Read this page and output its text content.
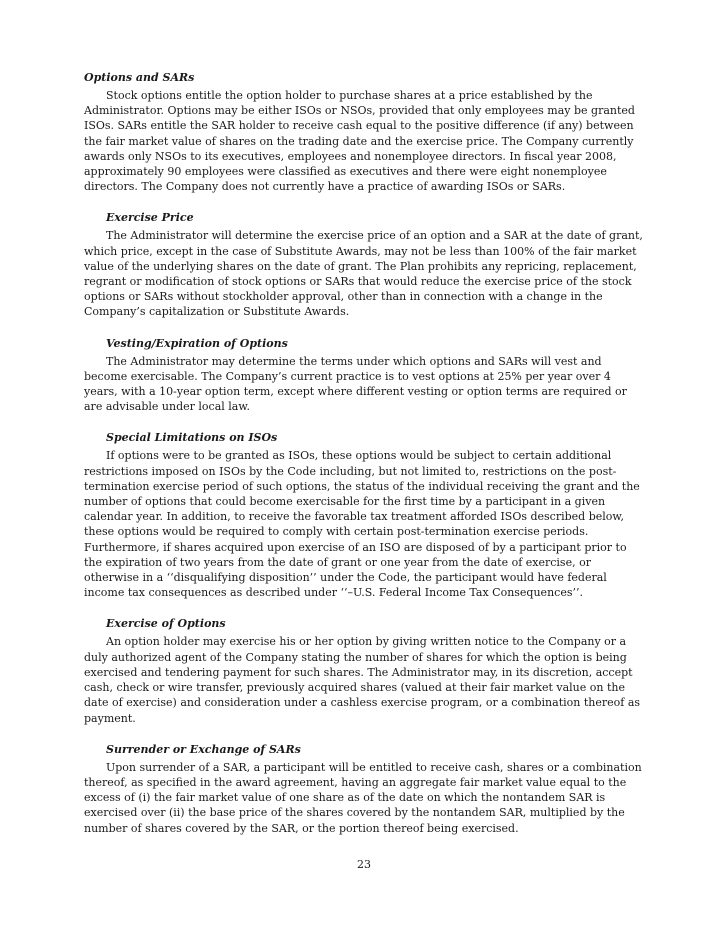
Options and SARs

Stock options entitle the option holder to purchase shares at a price established by the Administrator. Options may be either ISOs or NSOs, provided that only employees may be granted ISOs. SARs entitle the SAR holder to receive cash equal to the positive difference (if any) between the fair market value of shares on the trading date and the exercise price. The Company currently awards only NSOs to its executives, employees and nonemployee directors. In fiscal year 2008, approximately 90 employees were classified as executives and there were eight nonemployee directors. The Company does not currently have a practice of awarding ISOs or SARs.

Exercise Price

The Administrator will determine the exercise price of an option and a SAR at the date of grant, which price, except in the case of Substitute Awards, may not be less than 100% of the fair market value of the underlying shares on the date of grant. The Plan prohibits any repricing, replacement, regrant or modification of stock options or SARs that would reduce the exercise price of the stock options or SARs without stockholder approval, other than in connection with a change in the Company’s capitalization or Substitute Awards.

Vesting/Expiration of Options

The Administrator may determine the terms under which options and SARs will vest and become exercisable. The Company’s current practice is to vest options at 25% per year over 4 years, with a 10-year option term, except where different vesting or option terms are required or are advisable under local law.

Special Limitations on ISOs

If options were to be granted as ISOs, these options would be subject to certain additional restrictions imposed on ISOs by the Code including, but not limited to, restrictions on the post-termination exercise period of such options, the status of the individual receiving the grant and the number of options that could become exercisable for the first time by a participant in a given calendar year. In addition, to receive the favorable tax treatment afforded ISOs described below, these options would be required to comply with certain post-termination exercise periods. Furthermore, if shares acquired upon exercise of an ISO are disposed of by a participant prior to the expiration of two years from the date of grant or one year from the date of exercise, or otherwise in a ‘‘disqualifying disposition’’ under the Code, the participant would have federal income tax consequences as described under ‘‘–U.S. Federal Income Tax Consequences’’.

Exercise of Options

An option holder may exercise his or her option by giving written notice to the Company or a duly authorized agent of the Company stating the number of shares for which the option is being exercised and tendering payment for such shares. The Administrator may, in its discretion, accept cash, check or wire transfer, previously acquired shares (valued at their fair market value on the date of exercise) and consideration under a cashless exercise program, or a combination thereof as payment.

Surrender or Exchange of SARs

Upon surrender of a SAR, a participant will be entitled to receive cash, shares or a combination thereof, as specified in the award agreement, having an aggregate fair market value equal to the excess of (i) the fair market value of one share as of the date on which the nontandem SAR is exercised over (ii) the base price of the shares covered by the nontandem SAR, multiplied by the number of shares covered by the SAR, or the portion thereof being exercised.

23
